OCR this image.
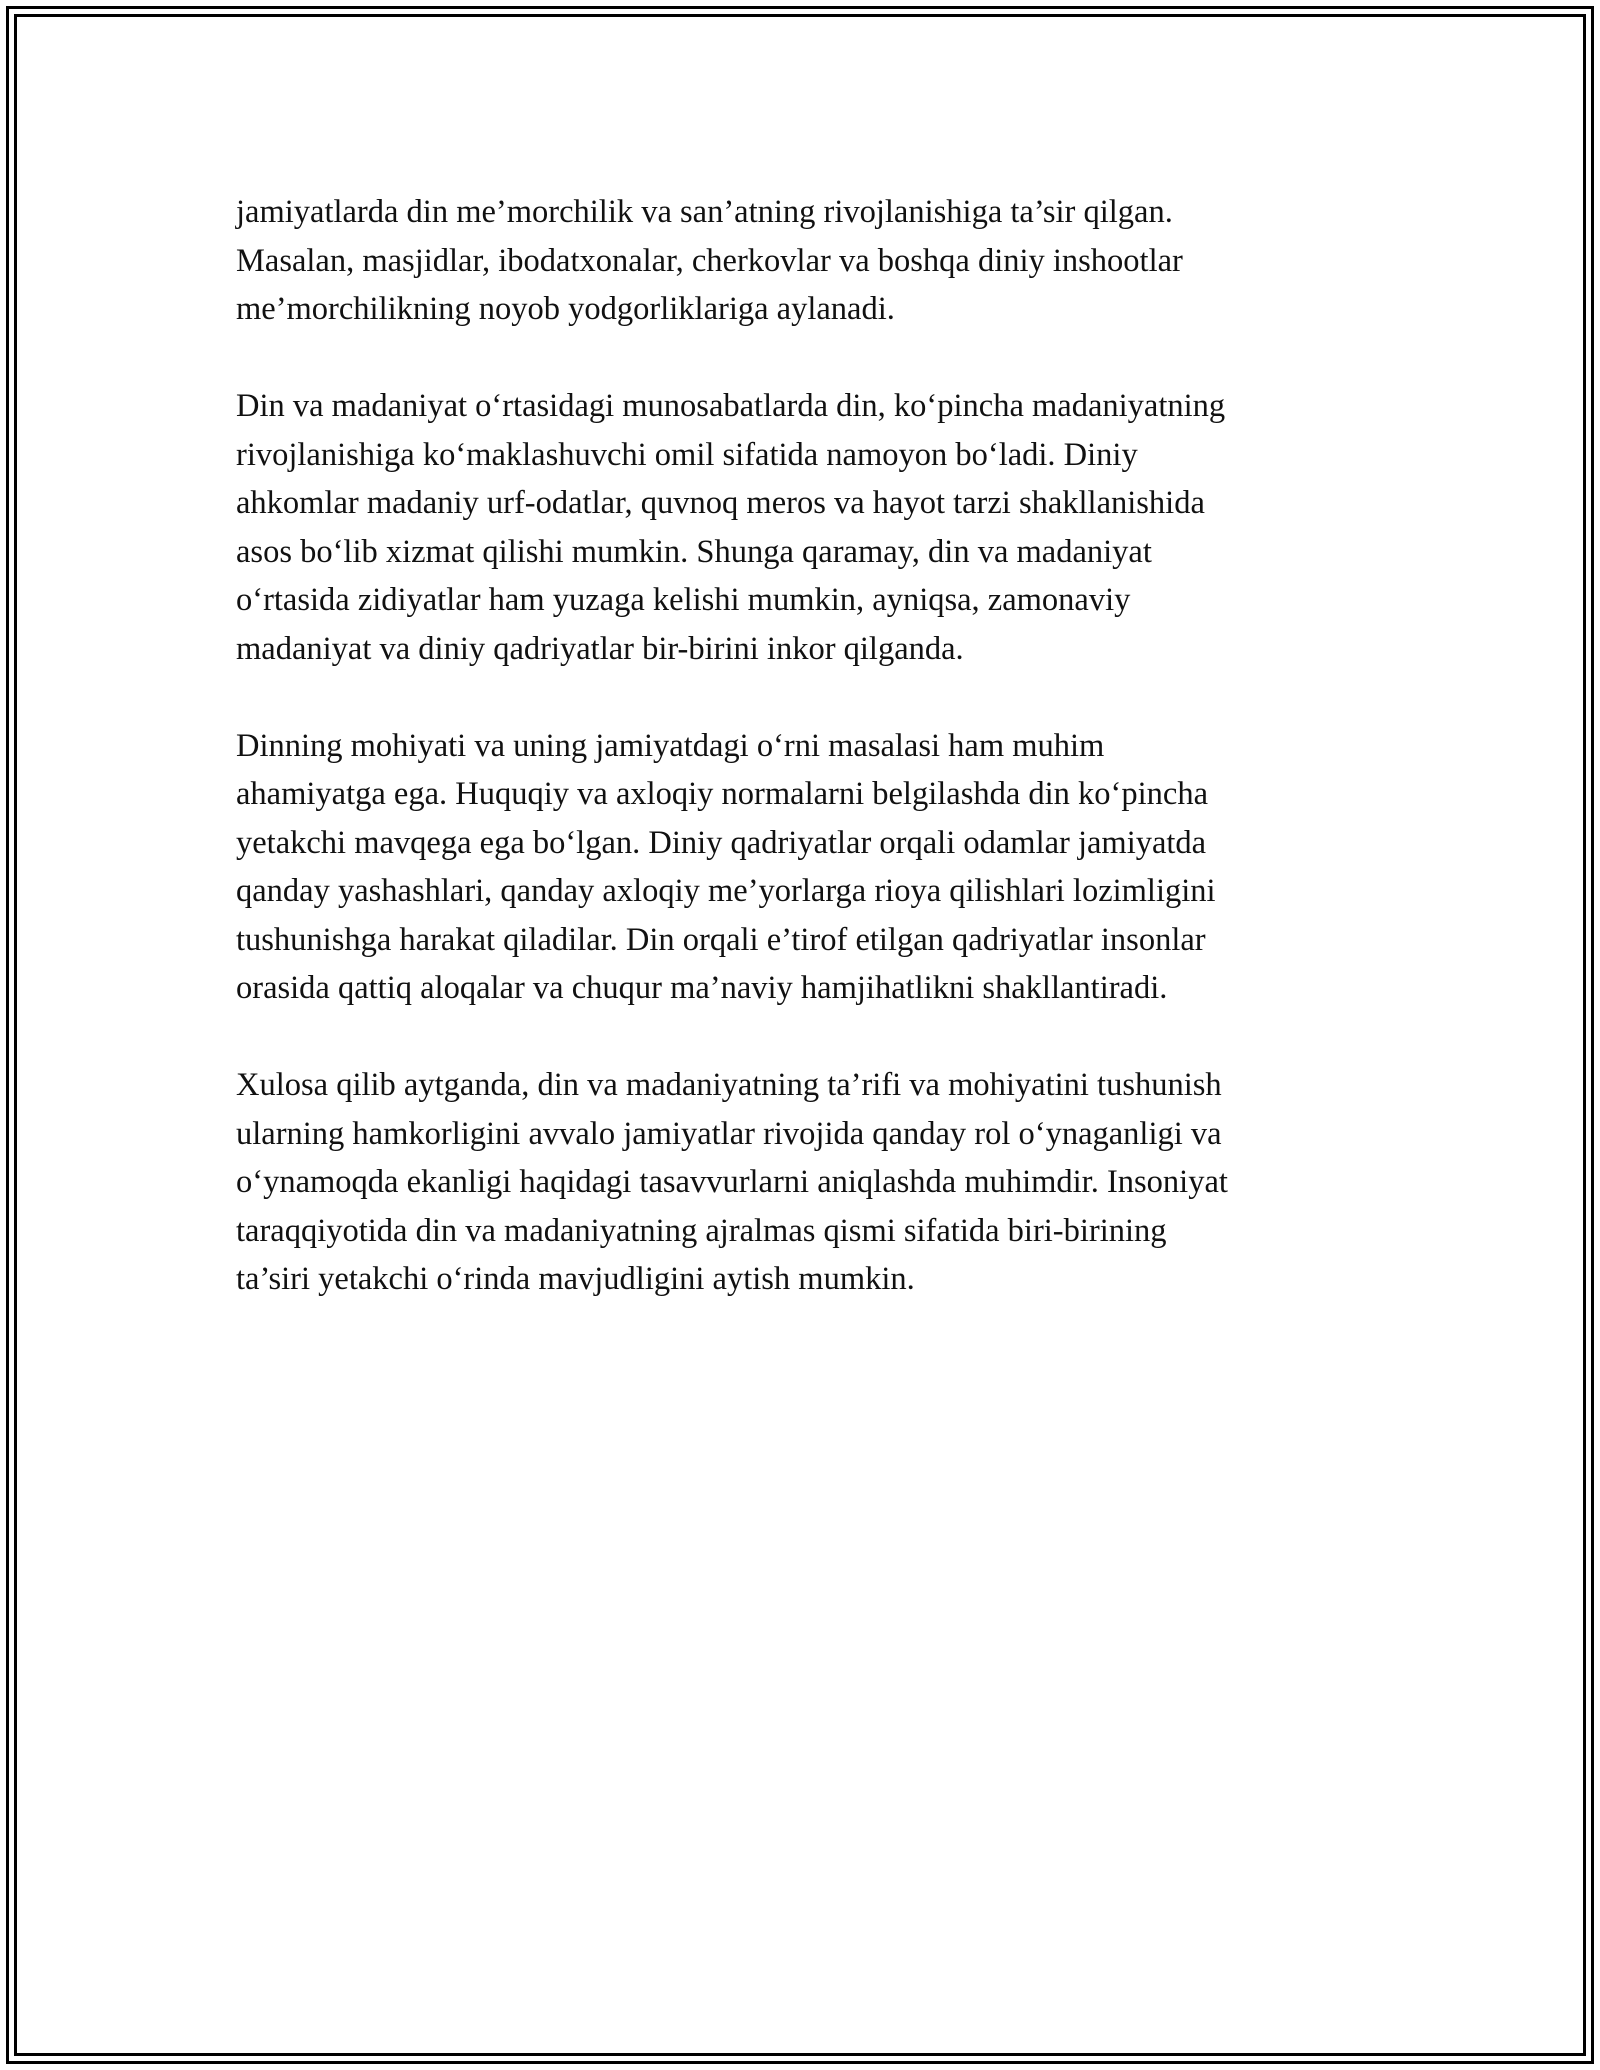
jamiyatlarda din me’morchilik va san’atning rivojlanishiga ta’sir qilgan.
Masalan, masjidlar, ibodatxonalar, cherkovlar va boshqa diniy inshootlar
me’morchilikning noyob yodgorliklariga aylanadi.

Din va madaniyat o‘rtasidagi munosabatlarda din, ko‘pincha madaniyatning
rivojlanishiga ko‘maklashuvchi omil sifatida namoyon bo‘ladi. Diniy
ahkomlar madaniy urf-odatlar, quvnoq meros va hayot tarzi shakllanishida
asos bo‘lib xizmat qilishi mumkin. Shunga qaramay, din va madaniyat
o‘rtasida zidiyatlar ham yuzaga kelishi mumkin, ayniqsa, zamonaviy
madaniyat va diniy qadriyatlar bir-birini inkor qilganda.

Dinning mohiyati va uning jamiyatdagi o‘rni masalasi ham muhim
ahamiyatga ega. Huquqiy va axloqiy normalarni belgilashda din ko‘pincha
yetakchi mavqega ega bo‘lgan. Diniy qadriyatlar orqali odamlar jamiyatda
qanday yashashlari, qanday axloqiy me’yorlarga rioya qilishlari lozimligini
tushunishga harakat qiladilar. Din orqali e’tirof etilgan qadriyatlar insonlar
orasida qattiq aloqalar va chuqur ma’naviy hamjihatlikni shakllantiradi.

Xulosa qilib aytganda, din va madaniyatning ta’rifi va mohiyatini tushunish
ularning hamkorligini avvalo jamiyatlar rivojida qanday rol o‘ynaganligi va
o‘ynamoqda ekanligi haqidagi tasavvurlarni aniqlashda muhimdir. Insoniyat
taraqqiyotida din va madaniyatning ajralmas qismi sifatida biri-birining
ta’siri yetakchi o‘rinda mavjudligini aytish mumkin.
